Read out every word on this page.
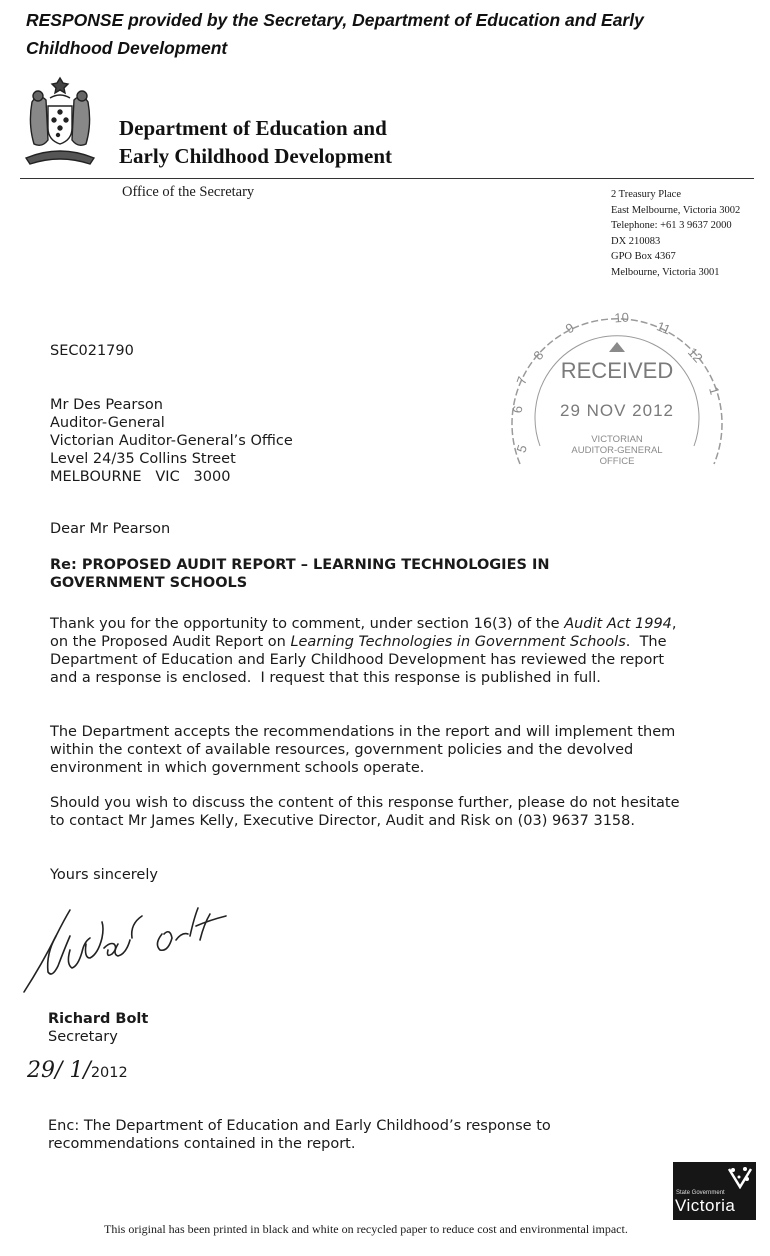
RESPONSE provided by the Secretary, Department of Education and Early
Childhood Development
Department of Education and
Early Childhood Development
Office of the Secretary	2 Treasury Place
East Melbourne, Victoria 3002
Telephone: +61 3 9637 2000
DX 210083
GPO Box 4367
Melbourne, Victoria 3001
5
6
7
8
9
10
11
12
1
RECEIVED
29 NOV 2012
VICTORIAN
AUDITOR-GENERAL
OFFICE
SEC021790
Mr Des Pearson
Auditor-General
Victorian Auditor-General’s Office
Level 24/35 Collins Street
MELBOURNE   VIC   3000
Dear Mr Pearson
Re: PROPOSED AUDIT REPORT – LEARNING TECHNOLOGIES IN GOVERNMENT SCHOOLS
Thank you for the opportunity to comment, under section 16(3) of the Audit Act 1994, on the Proposed Audit Report on Learning Technologies in Government Schools.  The Department of Education and Early Childhood Development has reviewed the report and a response is enclosed.  I request that this response is published in full.
The Department accepts the recommendations in the report and will implement them within the context of available resources, government policies and the devolved environment in which government schools operate.
Should you wish to discuss the content of this response further, please do not hesitate to contact Mr James Kelly, Executive Director, Audit and Risk on (03) 9637 3158.
Yours sincerely
Richard Bolt
Secretary
29/ 1/2012
Enc: The Department of Education and Early Childhood’s response to recommendations contained in the report.
State Government
Victoria
This original has been printed in black and white on recycled paper to reduce cost and environmental impact.
